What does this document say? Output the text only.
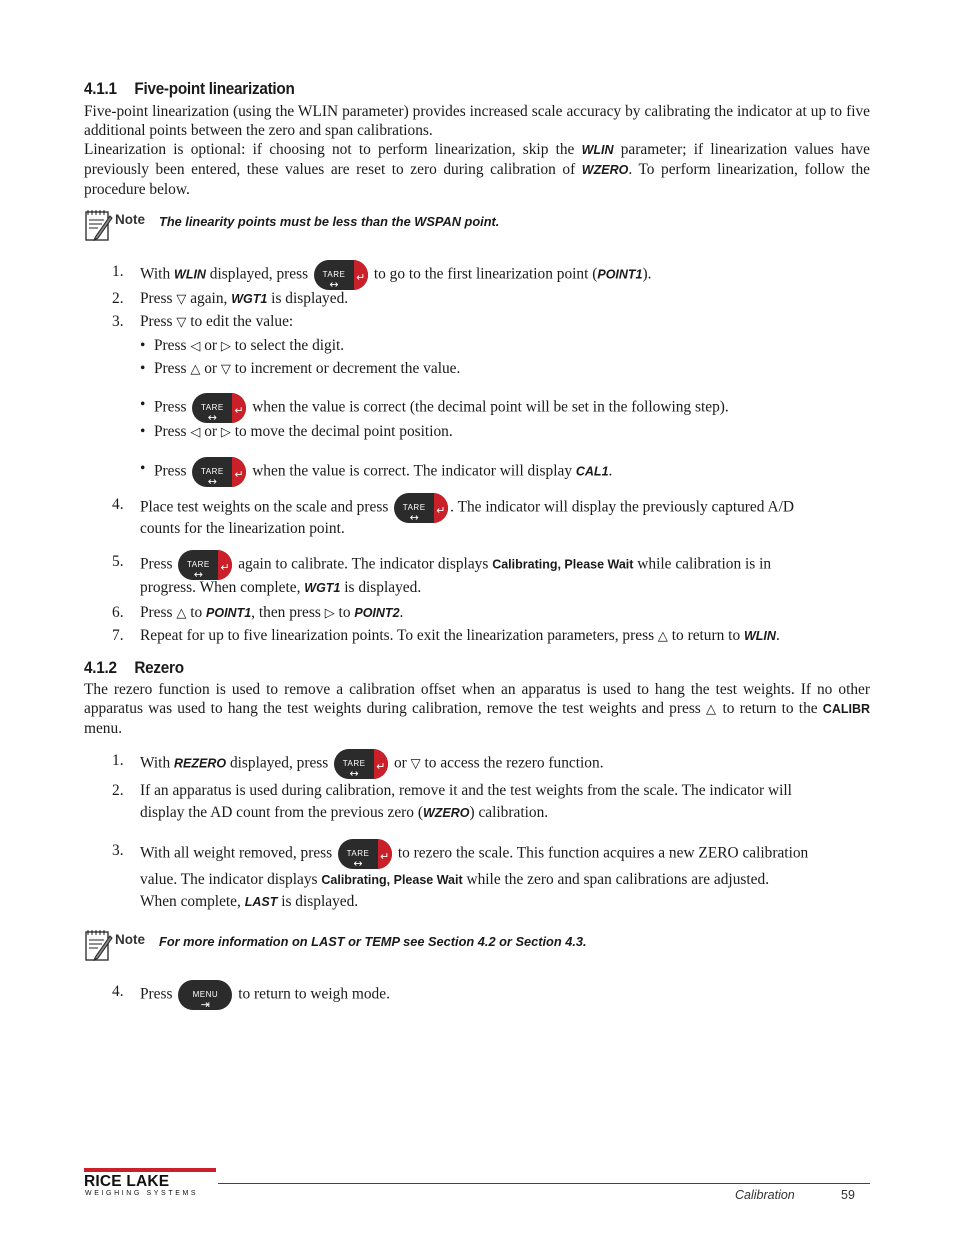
4.1.1 Five-point linearization
Five-point linearization (using the WLIN parameter) provides increased scale accuracy by calibrating the indicator at up to five additional points between the zero and span calibrations.
Linearization is optional: if choosing not to perform linearization, skip the WLIN parameter; if linearization values have previously been entered, these values are reset to zero during calibration of WZERO. To perform linearization, follow the procedure below.
Note The linearity points must be less than the WSPAN point.
1.	With WLIN displayed, press	TARE
↔
↵
to go to the first linearization point (POINT1).
2.	Press ▽ again, WGT1 is displayed.
3.	Press ▽ to edit the value:
• Press ◁ or ▷ to select the digit.
• Press △ or ▽ to increment or decrement the value.
• Press	TARE
↔
↵
when the value is correct (the decimal point will be set in the following step).
• Press ◁ or ▷ to move the decimal point position.
• Press	TARE
↔
↵
when the value is correct. The indicator will display CAL1.
4.	Place test weights on the scale and press	TARE
↔
↵
. The indicator will display the previously captured A/D
counts for the linearization point.
5.	Press	TARE
↔
↵
again to calibrate. The indicator displays Calibrating, Please Wait while calibration is in
progress. When complete, WGT1 is displayed.
6.	Press △ to POINT1, then press ▷ to POINT2.
7.	Repeat for up to five linearization points. To exit the linearization parameters, press △ to return to WLIN.
4.1.2 Rezero
The rezero function is used to remove a calibration offset when an apparatus is used to hang the test weights. If no other apparatus was used to hang the test weights during calibration, remove the test weights and press △ to return to the CALIBR menu.
1.	With REZERO displayed, press	TARE
↔
↵
or ▽ to access the rezero function.
2.	If an apparatus is used during calibration, remove it and the test weights from the scale. The indicator will
display the AD count from the previous zero (WZERO) calibration.
3.	With all weight removed, press	TARE
↔
↵
to rezero the scale. This function acquires a new ZERO calibration
value. The indicator displays Calibrating, Please Wait while the zero and span calibrations are adjusted.
When complete, LAST is displayed.
Note For more information on LAST or TEMP see Section 4.2 or Section 4.3.
4.	Press	MENU
⇥
to return to weigh mode.
RICE LAKE
WEIGHING SYSTEMS	Calibration	59
